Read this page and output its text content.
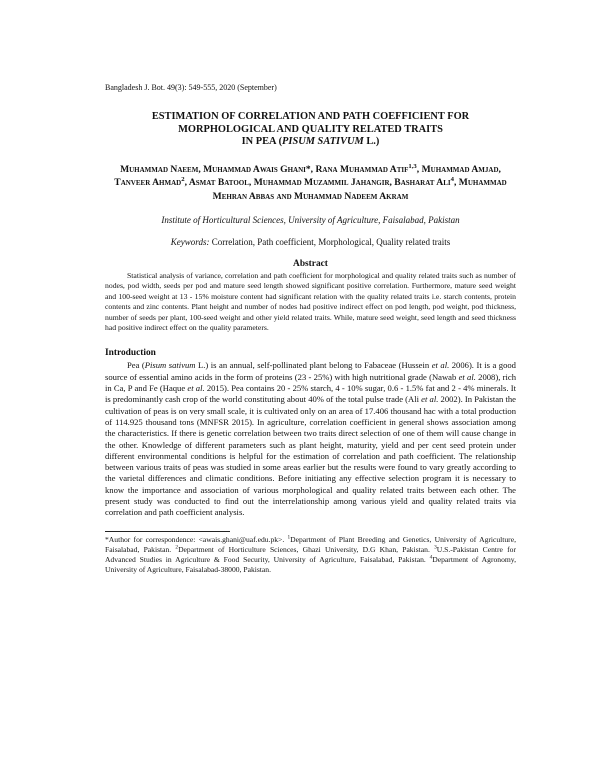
Bangladesh J. Bot. 49(3): 549-555, 2020 (September)
ESTIMATION OF CORRELATION AND PATH COEFFICIENT FOR
MORPHOLOGICAL AND QUALITY RELATED TRAITS
IN PEA (PISUM SATIVUM L.)
Muhammad Naeem, Muhammad Awais Ghani*, Rana Muhammad Atif$^{1,3}$, Muhammad Amjad, Tanveer Ahmad$^2$, Asmat Batool, Muhammad Muzammil Jahangir, Basharat Ali$^4$, Muhammad Mehran Abbas and Muhammad Nadeem Akram
Institute of Horticultural Sciences, University of Agriculture, Faisalabad, Pakistan
Keywords: Correlation, Path coefficient, Morphological, Quality related traits
Abstract

Statistical analysis of variance, correlation and path coefficient for morphological and quality related traits such as number of nodes, pod width, seeds per pod and mature seed length showed significant positive correlation. Furthermore, mature seed weight and 100-seed weight at 13 - 15% moisture content had significant relation with the quality related traits i.e. starch contents, protein contents and zinc contents. Plant height and number of nodes had positive indirect effect on pod length, pod weight, pod thickness, number of seeds per plant, 100-seed weight and other yield related traits. While, mature seed weight, seed length and seed thickness had positive indirect effect on the quality parameters.

Introduction

Pea (Pisum sativum L.) is an annual, self-pollinated plant belong to Fabaceae (Hussein et al. 2006). It is a good source of essential amino acids in the form of proteins (23 - 25%) with high nutritional grade (Nawab et al. 2008), rich in Ca, P and Fe (Haque et al. 2015). Pea contains 20 - 25% starch, 4 - 10% sugar, 0.6 - 1.5% fat and 2 - 4% minerals. It is predominantly cash crop of the world constituting about 40% of the total pulse trade (Ali et al. 2002). In Pakistan the cultivation of peas is on very small scale, it is cultivated only on an area of 17.406 thousand hac with a total production of 114.925 thousand tons (MNFSR 2015). In agriculture, correlation coefficient in general shows association among the characteristics. If there is genetic correlation between two traits direct selection of one of them will cause change in the other. Knowledge of different parameters such as plant height, maturity, yield and per cent seed protein under different environmental conditions is helpful for the estimation of correlation and path coefficient. The relationship between various traits of peas was studied in some areas earlier but the results were found to vary greatly according to the varietal differences and climatic conditions. Before initiating any effective selection program it is necessary to know the importance and association of various morphological and quality related traits between each other. The present study was conducted to find out the interrelationship among various yield and quality related traits via correlation and path coefficient analysis.

*Author for correspondence: <awais.ghani@uaf.edu.pk>. $^1$Department of Plant Breeding and Genetics, University of Agriculture, Faisalabad, Pakistan. $^2$Department of Horticulture Sciences, Ghazi University, D.G Khan, Pakistan. $^3$U.S.-Pakistan Centre for Advanced Studies in Agriculture & Food Security, University of Agriculture, Faisalabad, Pakistan. $^4$Department of Agronomy, University of Agriculture, Faisalabad-38000, Pakistan.
